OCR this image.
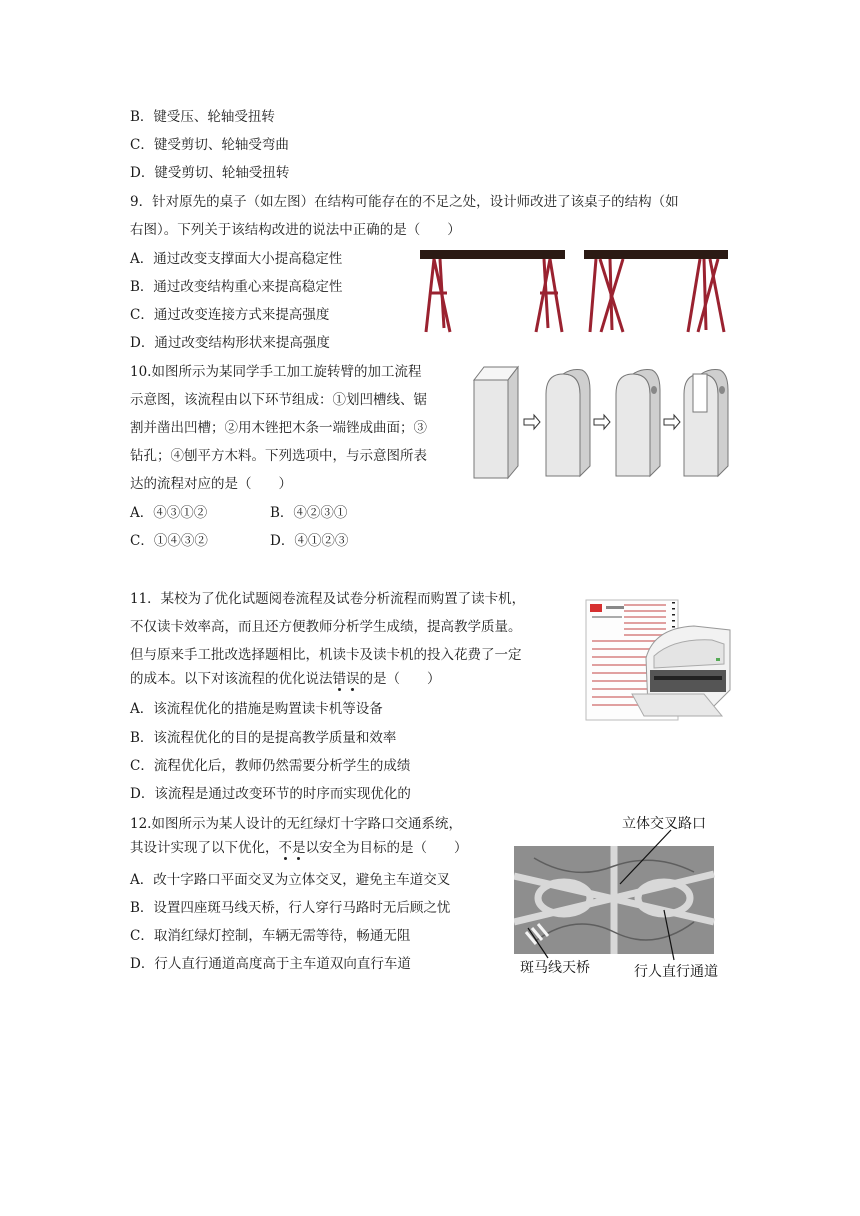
B．键受压、轮轴受扭转
C．键受剪切、轮轴受弯曲
D．键受剪切、轮轴受扭转
9．针对原先的桌子（如左图）在结构可能存在的不足之处，设计师改进了该桌子的结构（如
右图）。下列关于该结构改进的说法中正确的是（　　）
A．通过改变支撑面大小提高稳定性
B．通过改变结构重心来提高稳定性
C．通过改变连接方式来提高强度
D．通过改变结构形状来提高强度
10.如图所示为某同学手工加工旋转臂的加工流程
示意图，该流程由以下环节组成：①划凹槽线、锯
割并凿出凹槽；②用木锉把木条一端锉成曲面；③
钻孔；④刨平方木料。下列选项中，与示意图所表
达的流程对应的是（　　）
A．④③①②	B．④②③①
C．①④③②	D．④①②③
11．某校为了优化试题阅卷流程及试卷分析流程而购置了读卡机，
不仅读卡效率高，而且还方便教师分析学生成绩，提高教学质量。
但与原来手工批改选择题相比，机读卡及读卡机的投入花费了一定
的成本。以下对该流程的优化说法错误的是（　　）
A．该流程优化的措施是购置读卡机等设备
B．该流程优化的目的是提高教学质量和效率
C．流程优化后，教师仍然需要分析学生的成绩
D．该流程是通过改变环节的时序而实现优化的
12.如图所示为某人设计的无红绿灯十字路口交通系统，
其设计实现了以下优化，不是以安全为目标的是（　　）
A．改十字路口平面交叉为立体交叉，避免主车道交叉
B．设置四座斑马线天桥，行人穿行马路时无后顾之忧
C．取消红绿灯控制，车辆无需等待，畅通无阻
D．行人直行通道高度高于主车道双向直行车道
立体交叉路口
斑马线天桥	行人直行通道
